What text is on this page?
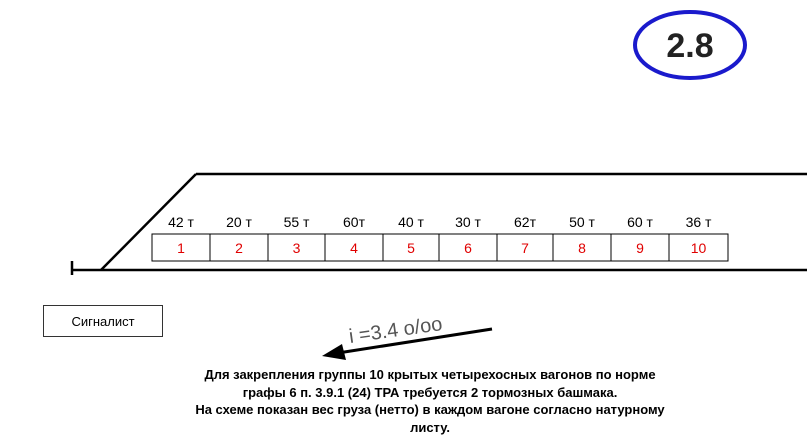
2.8
1
42 т
2
20 т
3
55 т
4
60т
5
40 т
6
30 т
7
62т
8
50 т
9
60 т
10
36 т
i =3.4 о/оо
Сигналист
Для закрепления группы 10 крытых четырехосных вагонов по норме
графы 6 п. 3.9.1 (24) ТРА требуется 2 тормозных башмака.
На схеме показан вес груза (нетто) в каждом вагоне согласно натурному
листу.
